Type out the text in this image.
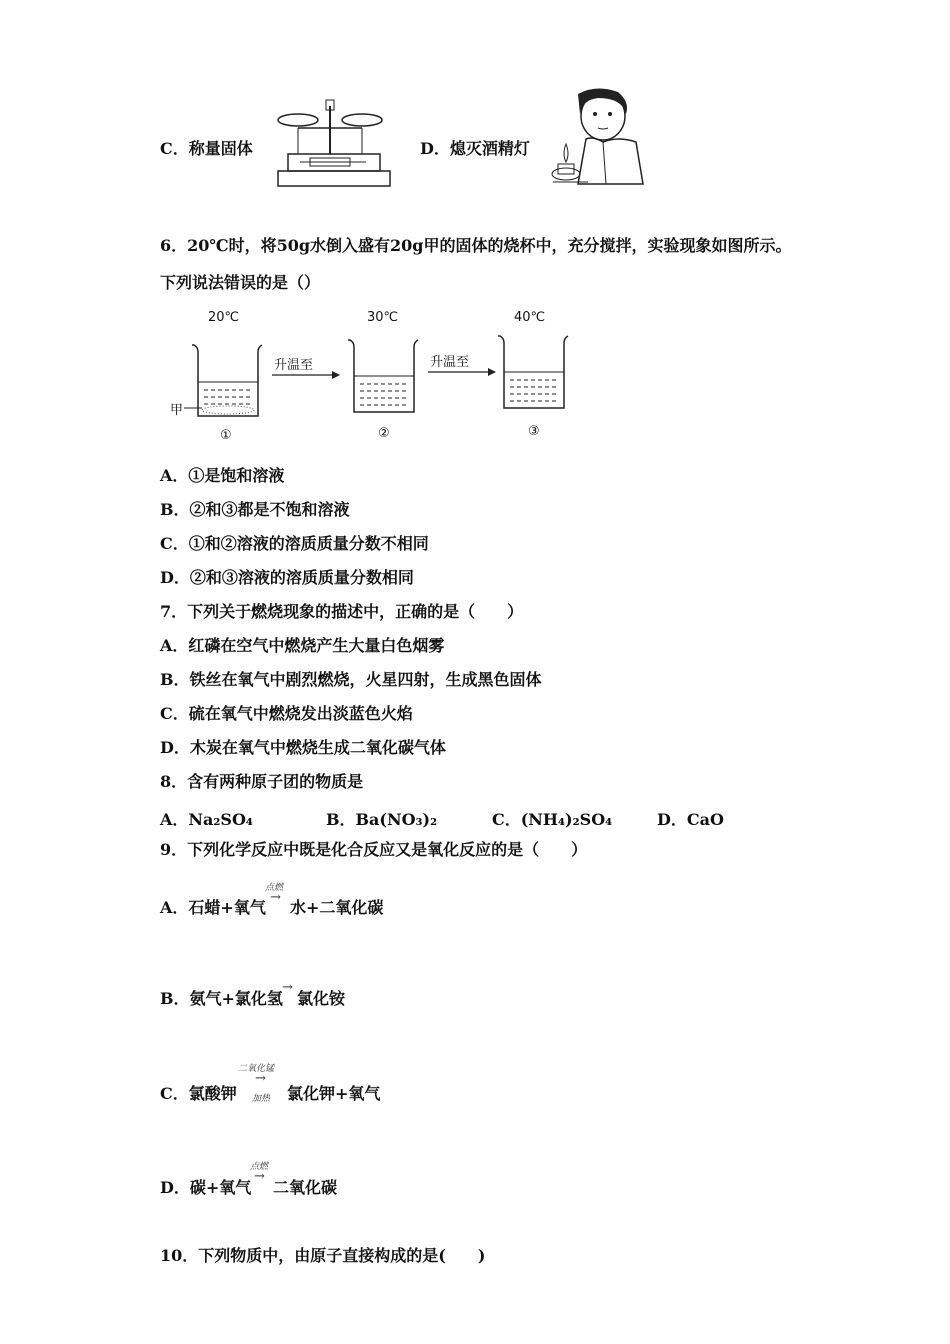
C．称量固体	D．熄灭酒精灯
6．20℃时，将50g水倒入盛有20g甲的固体的烧杯中，充分搅拌，实验现象如图所示。
下列说法错误的是（）
20℃	30℃	40℃
升温至	升温至
甲
①	②	③
A．①是饱和溶液
B．②和③都是不饱和溶液
C．①和②溶液的溶质质量分数不相同
D．②和③溶液的溶质质量分数相同
7．下列关于燃烧现象的描述中，正确的是（　　）
A．红磷在空气中燃烧产生大量白色烟雾
B．铁丝在氧气中剧烈燃烧，火星四射，生成黑色固体
C．硫在氧气中燃烧发出淡蓝色火焰
D．木炭在氧气中燃烧生成二氧化碳气体
8．含有两种原子团的物质是
A．Na₂SO₄	B．Ba(NO₃)₂	C．(NH₄)₂SO₄	D．CaO
9．下列化学反应中既是化合反应又是氧化反应的是（　　）
点燃
→
A．石蜡+氧气 水+二氧化碳
→
B．氨气+氯化氢 氯化铵
二氧化锰
→
加热
C．氯酸钾	氯化钾+氧气
点燃
→
D．碳+氧气 二氧化碳
10．下列物质中，由原子直接构成的是(　　)
